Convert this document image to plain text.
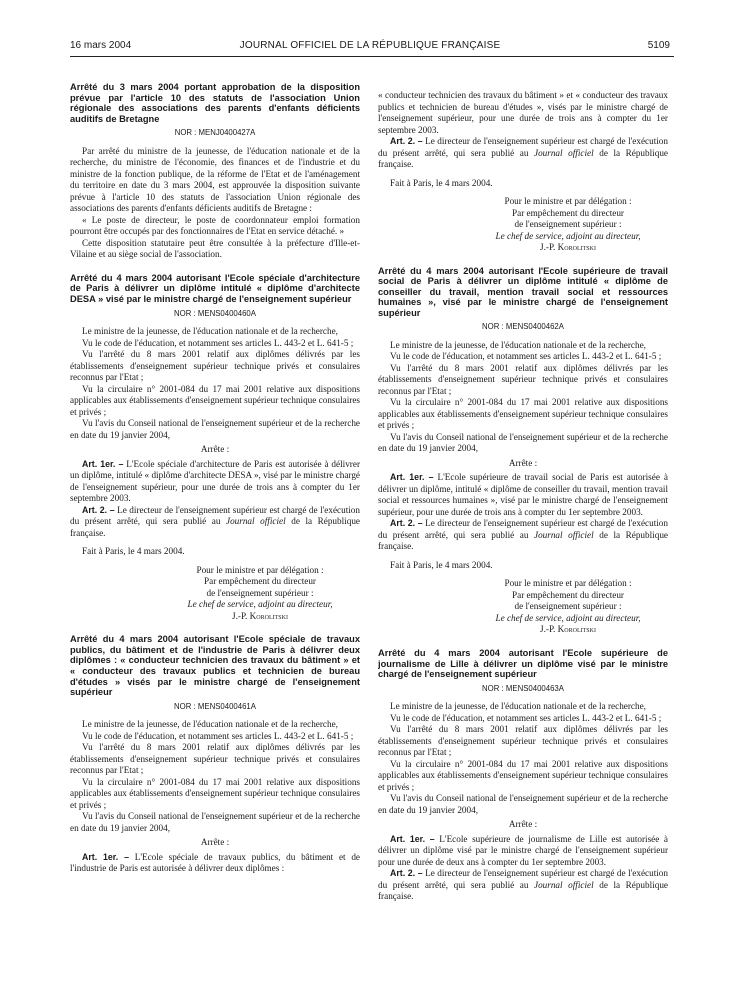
16 mars 2004	JOURNAL OFFICIEL DE LA RÉPUBLIQUE FRANÇAISE	5109
Arrêté du 3 mars 2004 portant approbation de la disposition prévue par l'article 10 des statuts de l'association Union régionale des associations des parents d'enfants déficients auditifs de Bretagne
NOR : MENJ0400427A

Par arrêté du ministre de la jeunesse, de l'éducation nationale et de la recherche, du ministre de l'économie, des finances et de l'industrie et du ministre de la fonction publique, de la réforme de l'Etat et de l'aménagement du territoire en date du 3 mars 2004, est approuvée la disposition suivante prévue à l'article 10 des statuts de l'association Union régionale des associations des parents d'enfants déficients auditifs de Bretagne :

« Le poste de directeur, le poste de coordonnateur emploi formation pourront être occupés par des fonctionnaires de l'Etat en service détaché. »

Cette disposition statutaire peut être consultée à la préfecture d'Ille-et-Vilaine et au siège social de l'association.

Arrêté du 4 mars 2004 autorisant l'Ecole spéciale d'architecture de Paris à délivrer un diplôme intitulé « diplôme d'architecte DESA » visé par le ministre chargé de l'enseignement supérieur
NOR : MENS0400460A

Le ministre de la jeunesse, de l'éducation nationale et de la recherche,

Vu le code de l'éducation, et notamment ses articles L. 443-2 et L. 641-5 ;

Vu l'arrêté du 8 mars 2001 relatif aux diplômes délivrés par les établissements d'enseignement supérieur technique privés et consulaires reconnus par l'Etat ;

Vu la circulaire n° 2001-084 du 17 mai 2001 relative aux dispositions applicables aux établissements d'enseignement supérieur technique consulaires et privés ;

Vu l'avis du Conseil national de l'enseignement supérieur et de la recherche en date du 19 janvier 2004,

Arrête :

Art. 1er. – L'Ecole spéciale d'architecture de Paris est autorisée à délivrer un diplôme, intitulé « diplôme d'architecte DESA », visé par le ministre chargé de l'enseignement supérieur, pour une durée de trois ans à compter du 1er septembre 2003.

Art. 2. – Le directeur de l'enseignement supérieur est chargé de l'exécution du présent arrêté, qui sera publié au Journal officiel de la République française.

Fait à Paris, le 4 mars 2004.

Pour le ministre et par délégation :
Par empêchement du directeur
de l'enseignement supérieur :
Le chef de service, adjoint au directeur,
J.-P. Korolitski
Arrêté du 4 mars 2004 autorisant l'Ecole spéciale de travaux publics, du bâtiment et de l'industrie de Paris à délivrer deux diplômes : « conducteur technicien des travaux du bâtiment » et « conducteur des travaux publics et technicien de bureau d'études » visés par le ministre chargé de l'enseignement supérieur
NOR : MENS0400461A

Le ministre de la jeunesse, de l'éducation nationale et de la recherche,

Vu le code de l'éducation, et notamment ses articles L. 443-2 et L. 641-5 ;

Vu l'arrêté du 8 mars 2001 relatif aux diplômes délivrés par les établissements d'enseignement supérieur technique privés et consulaires reconnus par l'Etat ;

Vu la circulaire n° 2001-084 du 17 mai 2001 relative aux dispositions applicables aux établissements d'enseignement supérieur technique consulaires et privés ;

Vu l'avis du Conseil national de l'enseignement supérieur et de la recherche en date du 19 janvier 2004,

Arrête :

Art. 1er. – L'Ecole spéciale de travaux publics, du bâtiment et de l'industrie de Paris est autorisée à délivrer deux diplômes :

« conducteur technicien des travaux du bâtiment » et « conducteur des travaux publics et technicien de bureau d'études », visés par le ministre chargé de l'enseignement supérieur, pour une durée de trois ans à compter du 1er septembre 2003.

Art. 2. – Le directeur de l'enseignement supérieur est chargé de l'exécution du présent arrêté, qui sera publié au Journal officiel de la République française.

Fait à Paris, le 4 mars 2004.

Pour le ministre et par délégation :
Par empêchement du directeur
de l'enseignement supérieur :
Le chef de service, adjoint au directeur,
J.-P. Korolitski
Arrêté du 4 mars 2004 autorisant l'Ecole supérieure de travail social de Paris à délivrer un diplôme intitulé « diplôme de conseiller du travail, mention travail social et ressources humaines », visé par le ministre chargé de l'enseignement supérieur
NOR : MENS0400462A

Le ministre de la jeunesse, de l'éducation nationale et de la recherche,

Vu le code de l'éducation, et notamment ses articles L. 443-2 et L. 641-5 ;

Vu l'arrêté du 8 mars 2001 relatif aux diplômes délivrés par les établissements d'enseignement supérieur technique privés et consulaires reconnus par l'Etat ;

Vu la circulaire n° 2001-084 du 17 mai 2001 relative aux dispositions applicables aux établissements d'enseignement supérieur technique consulaires et privés ;

Vu l'avis du Conseil national de l'enseignement supérieur et de la recherche en date du 19 janvier 2004,

Arrête :

Art. 1er. – L'Ecole supérieure de travail social de Paris est autorisée à délivrer un diplôme, intitulé « diplôme de conseiller du travail, mention travail social et ressources humaines », visé par le ministre chargé de l'enseignement supérieur, pour une durée de trois ans à compter du 1er septembre 2003.

Art. 2. – Le directeur de l'enseignement supérieur est chargé de l'exécution du présent arrêté, qui sera publié au Journal officiel de la République française.

Fait à Paris, le 4 mars 2004.

Pour le ministre et par délégation :
Par empêchement du directeur
de l'enseignement supérieur :
Le chef de service, adjoint au directeur,
J.-P. Korolitski
Arrêté du 4 mars 2004 autorisant l'Ecole supérieure de journalisme de Lille à délivrer un diplôme visé par le ministre chargé de l'enseignement supérieur
NOR : MENS0400463A

Le ministre de la jeunesse, de l'éducation nationale et de la recherche,

Vu le code de l'éducation, et notamment ses articles L. 443-2 et L. 641-5 ;

Vu l'arrêté du 8 mars 2001 relatif aux diplômes délivrés par les établissements d'enseignement supérieur technique privés et consulaires reconnus par l'Etat ;

Vu la circulaire n° 2001-084 du 17 mai 2001 relative aux dispositions applicables aux établissements d'enseignement supérieur technique consulaires et privés ;

Vu l'avis du Conseil national de l'enseignement supérieur et de la recherche en date du 19 janvier 2004,

Arrête :

Art. 1er. – L'Ecole supérieure de journalisme de Lille est autorisée à délivrer un diplôme visé par le ministre chargé de l'enseignement supérieur pour une durée de deux ans à compter du 1er septembre 2003.

Art. 2. – Le directeur de l'enseignement supérieur est chargé de l'exécution du présent arrêté, qui sera publié au Journal officiel de la République française.
